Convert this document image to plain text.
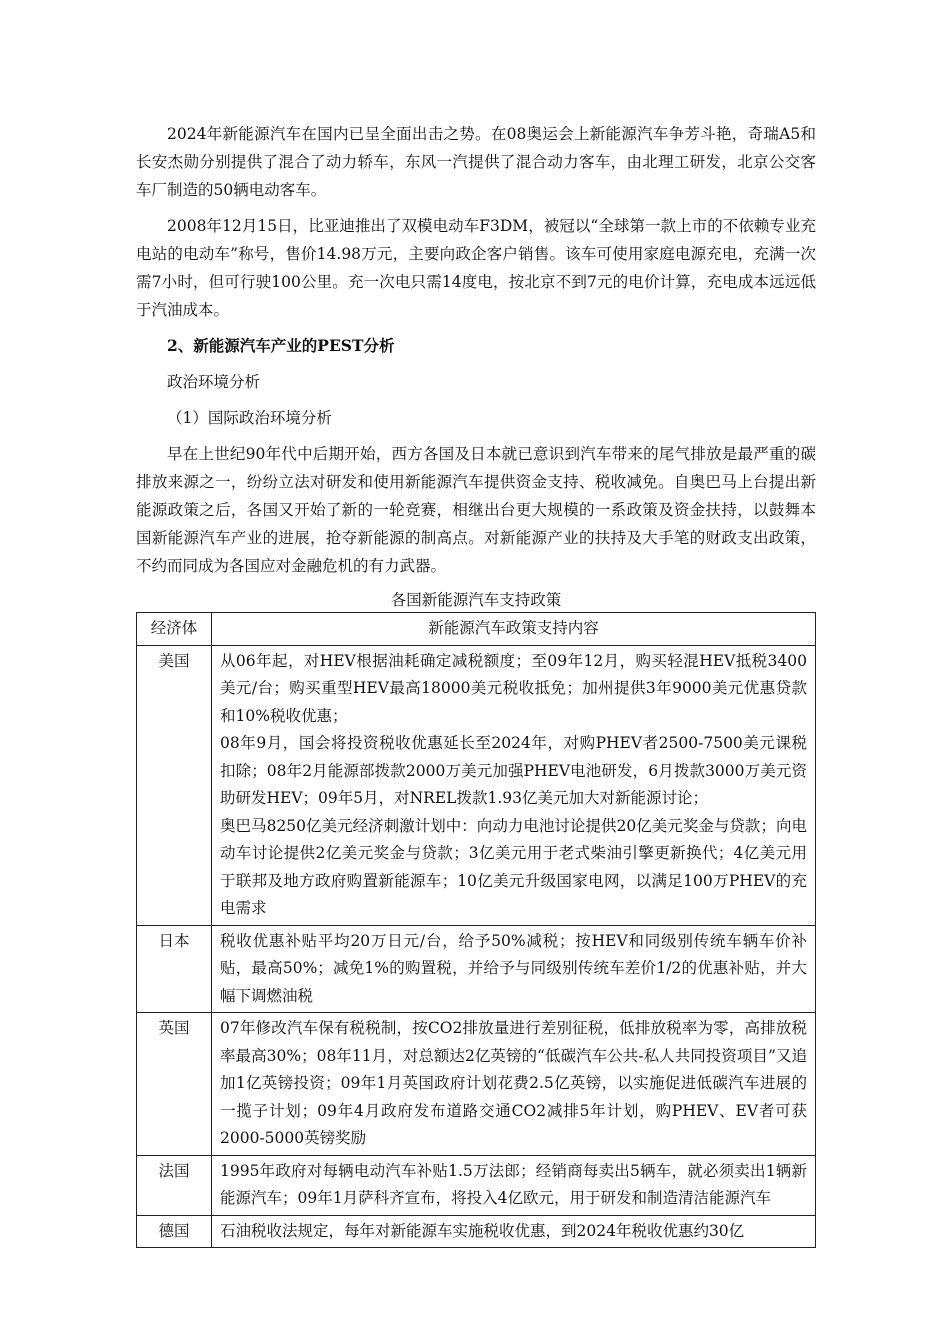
2024年新能源汽车在国内已呈全面出击之势。在08奥运会上新能源汽车争芳斗艳，奇瑞A5和长安杰勋分别提供了混合了动力轿车，东风一汽提供了混合动力客车，由北理工研发，北京公交客车厂制造的50辆电动客车。

2008年12月15日，比亚迪推出了双模电动车F3DM，被冠以“全球第一款上市的不依赖专业充电站的电动车”称号，售价14.98万元，主要向政企客户销售。该车可使用家庭电源充电，充满一次需7小时，但可行驶100公里。充一次电只需14度电，按北京不到7元的电价计算，充电成本远远低于汽油成本。

2、新能源汽车产业的PEST分析
政治环境分析
（1）国际政治环境分析

早在上世纪90年代中后期开始，西方各国及日本就已意识到汽车带来的尾气排放是最严重的碳排放来源之一，纷纷立法对研发和使用新能源汽车提供资金支持、税收减免。自奥巴马上台提出新能源政策之后，各国又开始了新的一轮竞赛，相继出台更大规模的一系政策及资金扶持，以鼓舞本国新能源汽车产业的进展，抢夺新能源的制高点。对新能源产业的扶持及大手笔的财政支出政策，不约而同成为各国应对金融危机的有力武器。

各国新能源汽车支持政策
经济体	新能源汽车政策支持内容
美国	从06年起，对HEV根据油耗确定减税额度；至09年12月，购买轻混HEV抵税3400美元/台；购买重型HEV最高18000美元税收抵免；加州提供3年9000美元优惠贷款和10%税收优惠；
08年9月，国会将投资税收优惠延长至2024年，对购PHEV者2500-7500美元课税扣除；08年2月能源部拨款2000万美元加强PHEV电池研发，6月拨款3000万美元资助研发HEV；09年5月，对NREL拨款1.93亿美元加大对新能源讨论；
奥巴马8250亿美元经济刺激计划中：向动力电池讨论提供20亿美元奖金与贷款；向电动车讨论提供2亿美元奖金与贷款；3亿美元用于老式柴油引擎更新换代；4亿美元用于联邦及地方政府购置新能源车；10亿美元升级国家电网，以满足100万PHEV的充电需求

日本	税收优惠补贴平均20万日元/台，给予50%减税；按HEV和同级别传统车辆车价补贴，最高50%；减免1%的购置税，并给予与同级别传统车差价1/2的优惠补贴，并大幅下调燃油税

英国	07年修改汽车保有税税制，按CO2排放量进行差别征税，低排放税率为零，高排放税率最高30%；08年11月，对总额达2亿英镑的“低碳汽车公共-私人共同投资项目”又追加1亿英镑投资；09年1月英国政府计划花费2.5亿英镑，以实施促进低碳汽车进展的一揽子计划；09年4月政府发布道路交通CO2减排5年计划，购PHEV、EV者可获2000-5000英镑奖励

法国	1995年政府对每辆电动汽车补贴1.5万法郎；经销商每卖出5辆车，就必须卖出1辆新能源汽车；09年1月萨科齐宣布，将投入4亿欧元，用于研发和制造清洁能源汽车

德国	石油税收法规定，每年对新能源车实施税收优惠，到2024年税收优惠约30亿
